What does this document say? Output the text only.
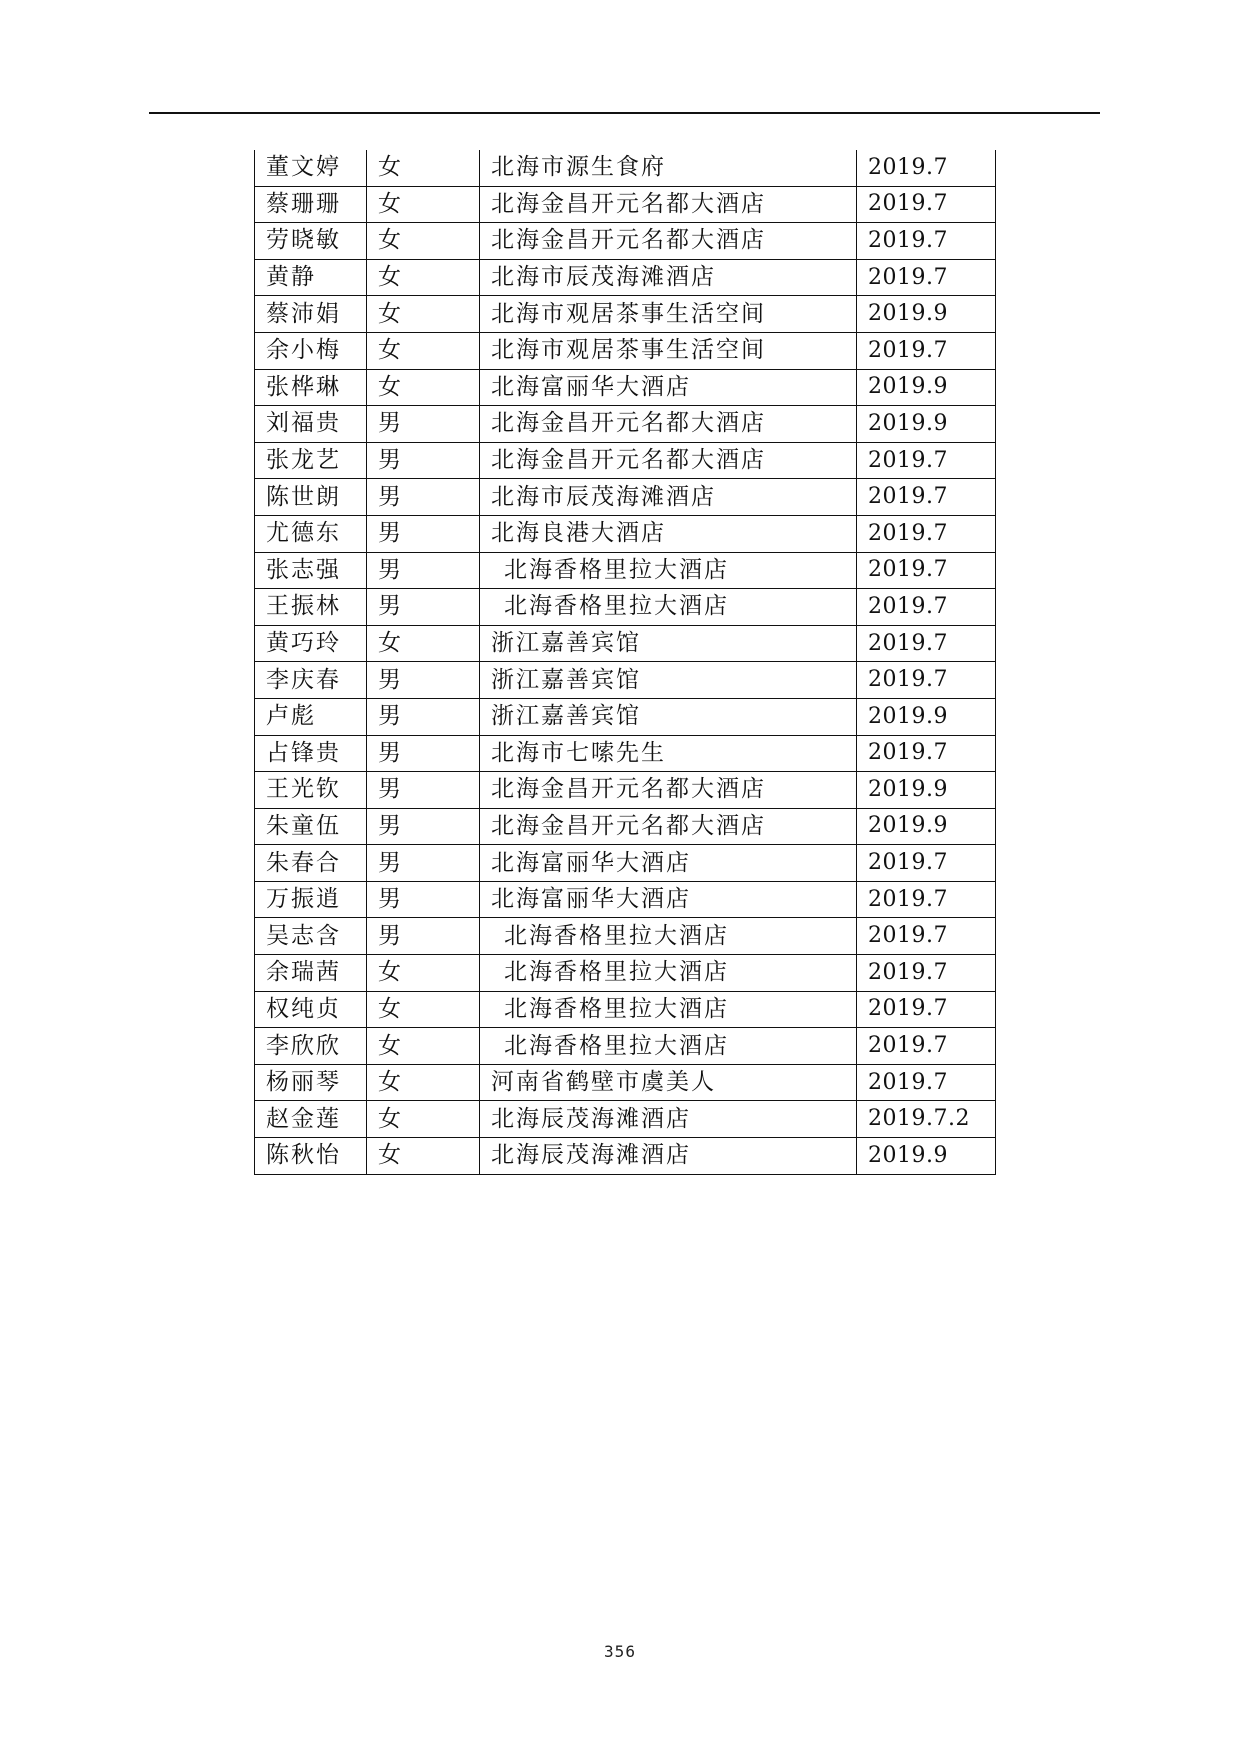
董文婷	女	北海市源生食府	2019.7
蔡珊珊	女	北海金昌开元名都大酒店	2019.7
劳晓敏	女	北海金昌开元名都大酒店	2019.7
黄静	女	北海市辰茂海滩酒店	2019.7
蔡沛娟	女	北海市观居茶事生活空间	2019.9
余小梅	女	北海市观居茶事生活空间	2019.7
张桦琳	女	北海富丽华大酒店	2019.9
刘福贵	男	北海金昌开元名都大酒店	2019.9
张龙艺	男	北海金昌开元名都大酒店	2019.7
陈世朗	男	北海市辰茂海滩酒店	2019.7
尤德东	男	北海良港大酒店	2019.7
张志强	男	北海香格里拉大酒店	2019.7
王振林	男	北海香格里拉大酒店	2019.7
黄巧玲	女	浙江嘉善宾馆	2019.7
李庆春	男	浙江嘉善宾馆	2019.7
卢彪	男	浙江嘉善宾馆	2019.9
占锋贵	男	北海市七嗦先生	2019.7
王光钦	男	北海金昌开元名都大酒店	2019.9
朱童伍	男	北海金昌开元名都大酒店	2019.9
朱春合	男	北海富丽华大酒店	2019.7
万振逍	男	北海富丽华大酒店	2019.7
吴志含	男	北海香格里拉大酒店	2019.7
余瑞茜	女	北海香格里拉大酒店	2019.7
权纯贞	女	北海香格里拉大酒店	2019.7
李欣欣	女	北海香格里拉大酒店	2019.7
杨丽琴	女	河南省鹤壁市虞美人	2019.7
赵金莲	女	北海辰茂海滩酒店	2019.7.2
陈秋怡	女	北海辰茂海滩酒店	2019.9
356
